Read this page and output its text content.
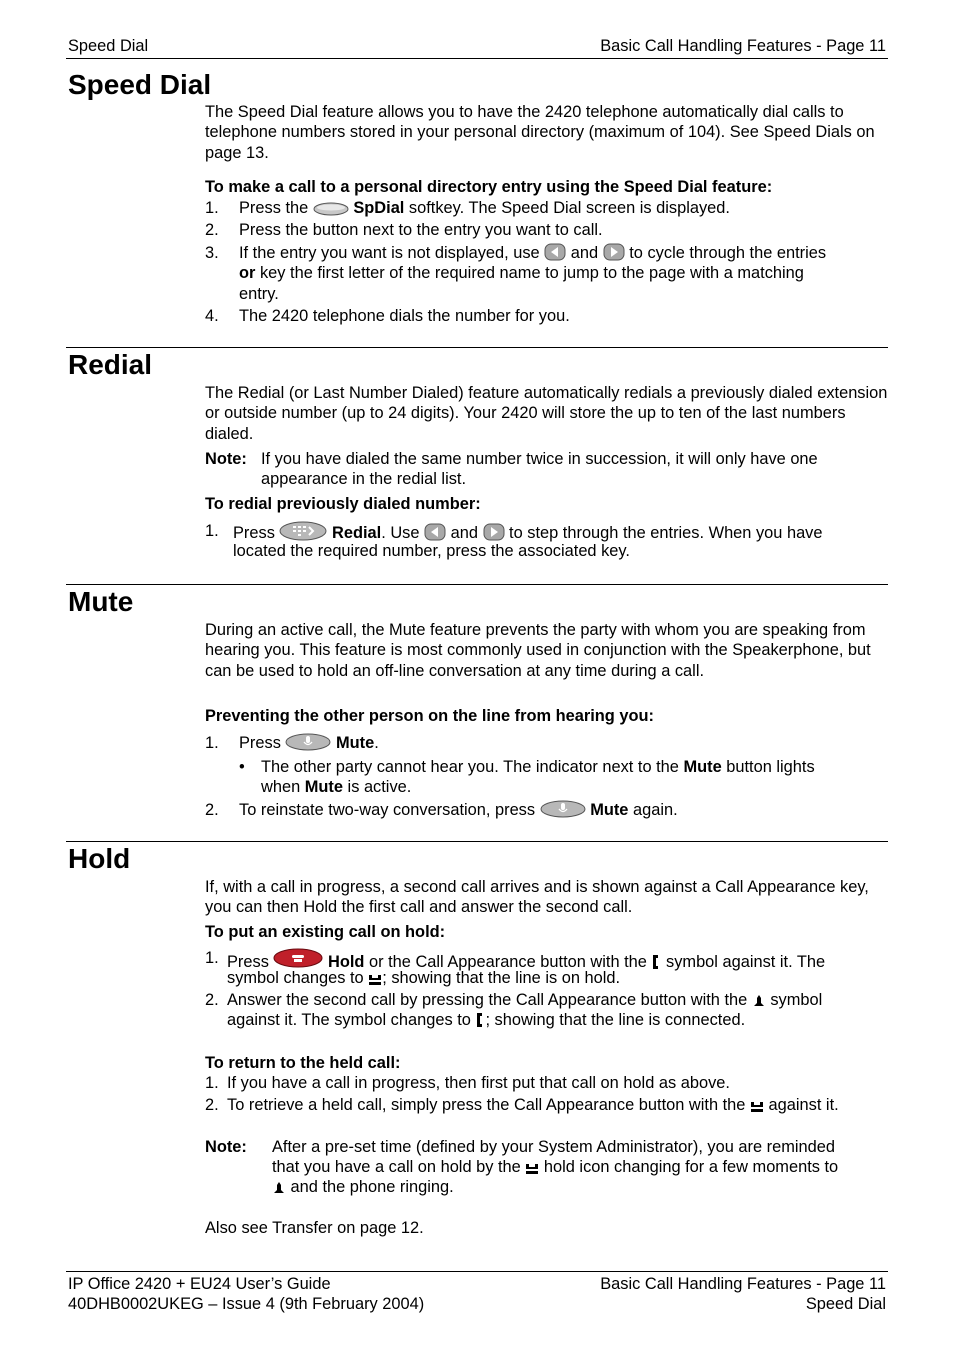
Speed Dial	Basic Call Handling Features - Page 11
Speed Dial
The Speed Dial feature allows you to have the 2420 telephone automatically dial calls to telephone numbers stored in your personal directory (maximum of 104). See Speed Dials on page 13.
To make a call to a personal directory entry using the Speed Dial feature:
1. Press the  SpDial softkey. The Speed Dial screen is displayed.
2. Press the button next to the entry you want to call.
3. If the entry you want is not displayed, use  and  to cycle through the entries
or key the first letter of the required name to jump to the page with a matching
entry.
4. The 2420 telephone dials the number for you.
Redial
The Redial (or Last Number Dialed) feature automatically redials a previously dialed extension or outside number (up to 24 digits). Your 2420 will store the up to ten of the last numbers dialed.
Note: If you have dialed the same number twice in succession, it will only have one appearance in the redial list.
To redial previously dialed number:
1. Press	Redial. Use  and  to step through the entries. When you have
located the required number, press the associated key.
Mute
During an active call, the Mute feature prevents the party with whom you are speaking from hearing you. This feature is most commonly used in conjunction with the Speakerphone, but can be used to hold an off-line conversation at any time during a call.
Preventing the other person on the line from hearing you:
1. Press	Mute.
• The other party cannot hear you. The indicator next to the Mute button lights
when Mute is active.
2. To reinstate two-way conversation, press	Mute again.
Hold
If, with a call in progress, a second call arrives and is shown against a Call Appearance key, you can then Hold the first call and answer the second call.
To put an existing call on hold:
1. Press	Hold or the Call Appearance button with the  symbol against it. The
symbol changes to ; showing that the line is on hold.
2. Answer the second call by pressing the Call Appearance button with the  symbol
against it. The symbol changes to ; showing that the line is connected.
To return to the held call:
1. If you have a call in progress, then first put that call on hold as above.
2. To retrieve a held call, simply press the Call Appearance button with the  against it.
Note: After a pre-set time (defined by your System Administrator), you are reminded
that you have a call on hold by the  hold icon changing for a few moments to
and the phone ringing.
Also see Transfer on page 12.
IP Office 2420 + EU24 User’s Guide
40DHB0002UKEG – Issue 4 (9th February 2004)
Basic Call Handling Features - Page 11
Speed Dial
